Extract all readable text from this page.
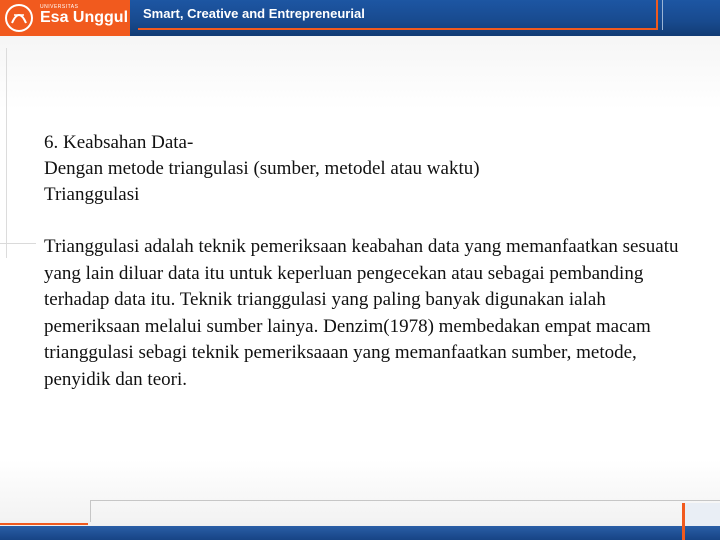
UNIVERSITAS
Esa Unggul Smart, Creative and Entrepreneurial

6. Keabsahan Data-

Dengan metode triangulasi (sumber, metodel atau waktu)

Trianggulasi

Trianggulasi adalah teknik pemeriksaan keabahan data yang memanfaatkan sesuatu yang lain diluar data itu untuk keperluan pengecekan atau sebagai pembanding terhadap data itu. Teknik trianggulasi yang paling banyak digunakan ialah pemeriksaan melalui sumber lainya. Denzim(1978) membedakan empat macam trianggulasi sebagi teknik pemeriksaaan yang memanfaatkan sumber, metode, penyidik dan teori.
